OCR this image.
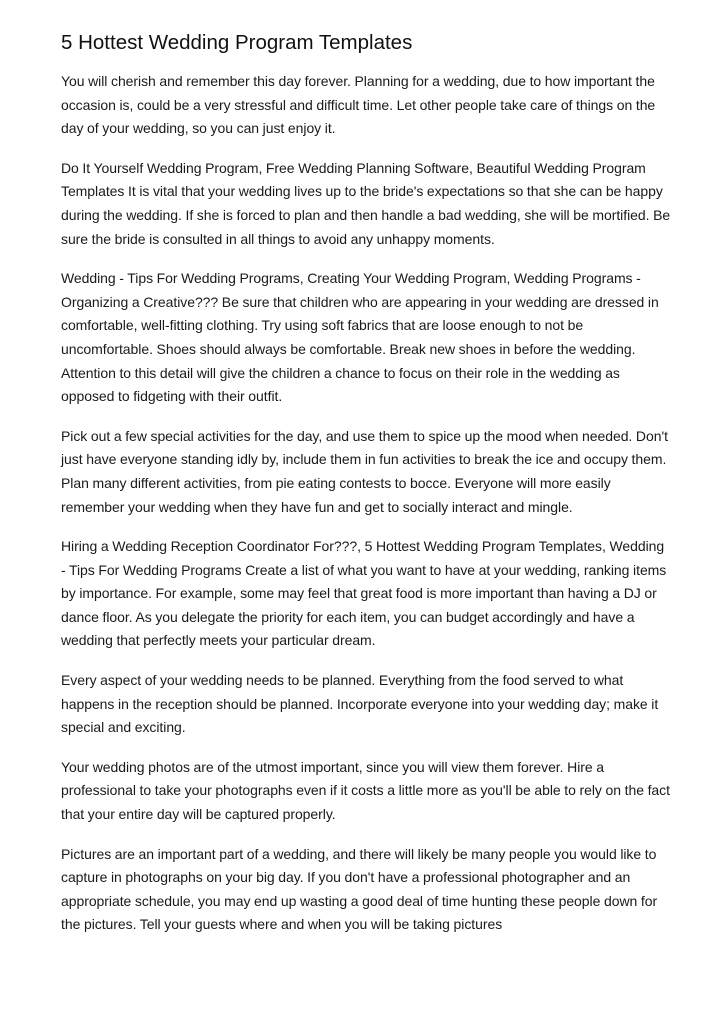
5 Hottest Wedding Program Templates

You will cherish and remember this day forever. Planning for a wedding, due to how important the occasion is, could be a very stressful and difficult time. Let other people take care of things on the day of your wedding, so you can just enjoy it.

Do It Yourself Wedding Program, Free Wedding Planning Software, Beautiful Wedding Program Templates It is vital that your wedding lives up to the bride's expectations so that she can be happy during the wedding. If she is forced to plan and then handle a bad wedding, she will be mortified. Be sure the bride is consulted in all things to avoid any unhappy moments.

Wedding - Tips For Wedding Programs, Creating Your Wedding Program, Wedding Programs - Organizing a Creative??? Be sure that children who are appearing in your wedding are dressed in comfortable, well-fitting clothing. Try using soft fabrics that are loose enough to not be uncomfortable. Shoes should always be comfortable. Break new shoes in before the wedding. Attention to this detail will give the children a chance to focus on their role in the wedding as opposed to fidgeting with their outfit.

Pick out a few special activities for the day, and use them to spice up the mood when needed. Don't just have everyone standing idly by, include them in fun activities to break the ice and occupy them. Plan many different activities, from pie eating contests to bocce. Everyone will more easily remember your wedding when they have fun and get to socially interact and mingle.

Hiring a Wedding Reception Coordinator For???, 5 Hottest Wedding Program Templates, Wedding - Tips For Wedding Programs Create a list of what you want to have at your wedding, ranking items by importance. For example, some may feel that great food is more important than having a DJ or dance floor. As you delegate the priority for each item, you can budget accordingly and have a wedding that perfectly meets your particular dream.

Every aspect of your wedding needs to be planned. Everything from the food served to what happens in the reception should be planned. Incorporate everyone into your wedding day; make it special and exciting.

Your wedding photos are of the utmost important, since you will view them forever. Hire a professional to take your photographs even if it costs a little more as you'll be able to rely on the fact that your entire day will be captured properly.

Pictures are an important part of a wedding, and there will likely be many people you would like to capture in photographs on your big day. If you don't have a professional photographer and an appropriate schedule, you may end up wasting a good deal of time hunting these people down for the pictures. Tell your guests where and when you will be taking pictures
